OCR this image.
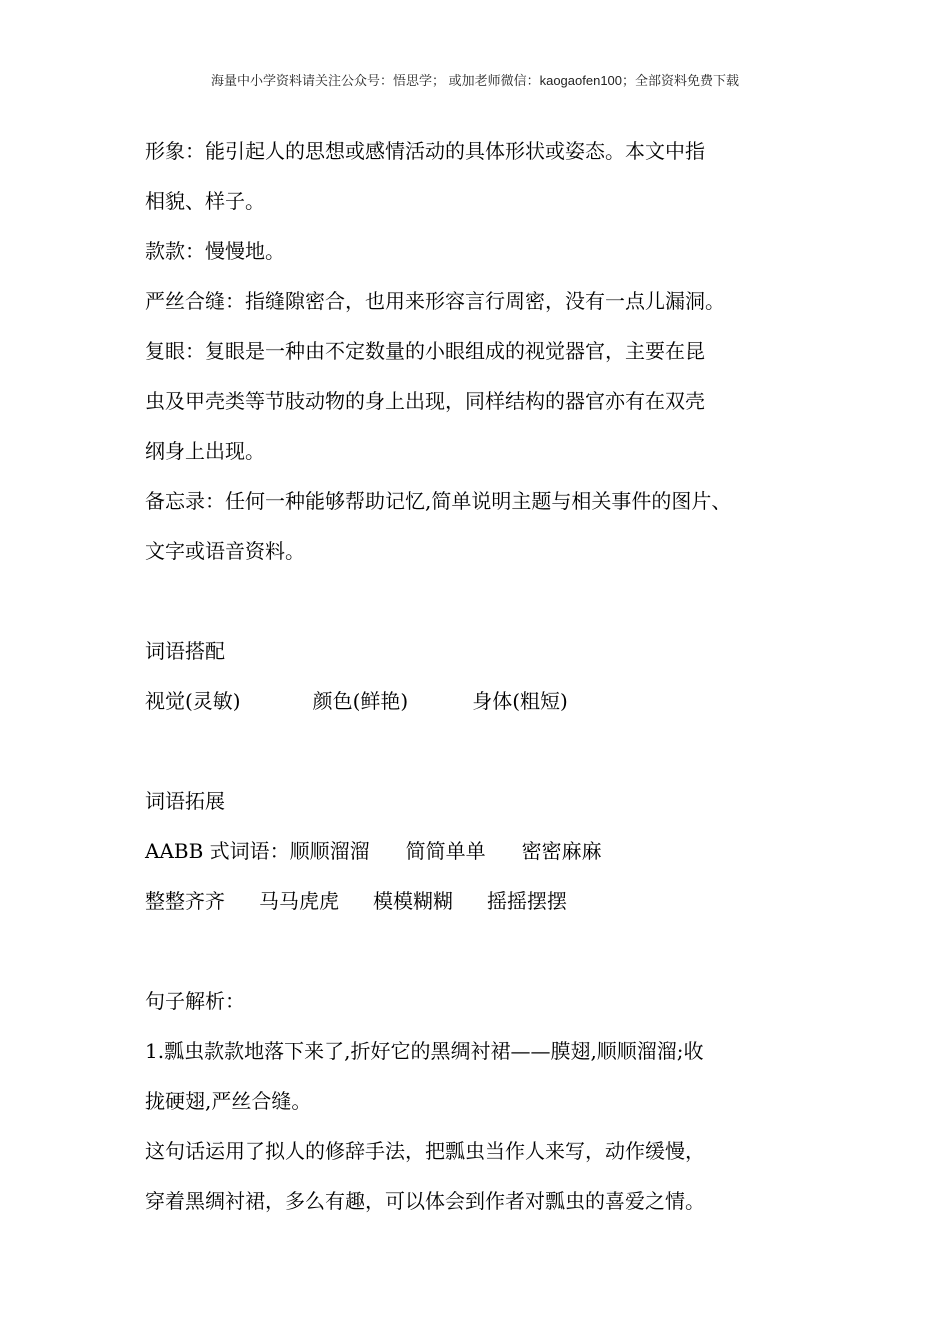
海量中小学资料请关注公众号：悟思学； 或加老师微信：kaogaofen100；全部资料免费下载
形象：能引起人的思想或感情活动的具体形状或姿态。本文中指
相貌、样子。
款款：慢慢地。
严丝合缝：指缝隙密合，也用来形容言行周密，没有一点儿漏洞。
复眼：复眼是一种由不定数量的小眼组成的视觉器官，主要在昆
虫及甲壳类等节肢动物的身上出现，同样结构的器官亦有在双壳
纲身上出现。
备忘录：任何一种能够帮助记忆,简单说明主题与相关事件的图片、
文字或语音资料。
词语搭配
视觉(灵敏)	颜色(鲜艳)	身体(粗短)
词语拓展
AABB 式词语：顺顺溜溜 简简单单 密密麻麻
整整齐齐 马马虎虎 模模糊糊 摇摇摆摆
句子解析：
1.瓢虫款款地落下来了,折好它的黑绸衬裙——膜翅,顺顺溜溜;收
拢硬翅,严丝合缝。
这句话运用了拟人的修辞手法，把瓢虫当作人来写，动作缓慢，
穿着黑绸衬裙，多么有趣，可以体会到作者对瓢虫的喜爱之情。
